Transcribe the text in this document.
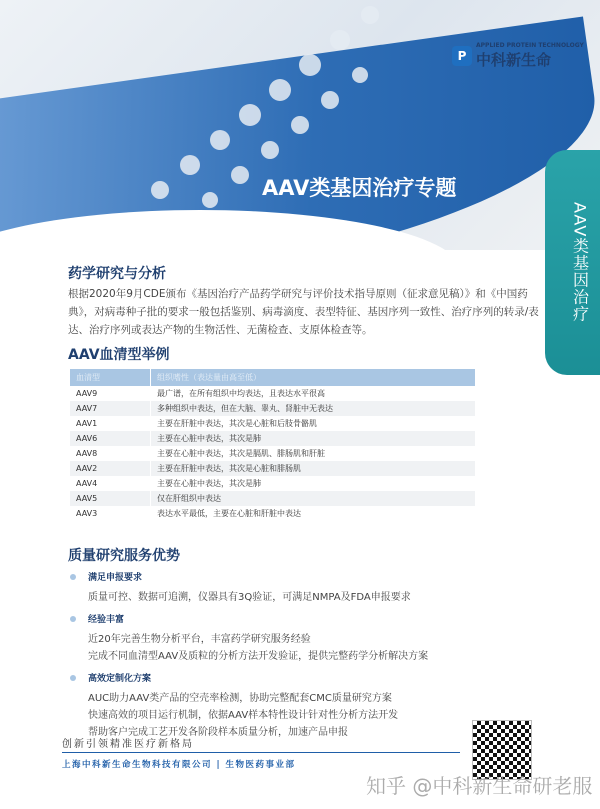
AAV类基因治疗专题
P
APPLIED PROTEIN TECHNOLOGY
中科新生命
AAV类基因治疗
药学研究与分析
根据2020年9月CDE颁布《基因治疗产品药学研究与评价技术指导原则（征求意见稿）》和《中国药典》，对病毒种子批的要求一般包括鉴别、病毒滴度、表型特征、基因序列一致性、治疗序列的转录/表达、治疗序列或表达产物的生物活性、无菌检查、支原体检查等。
AAV血清型举例
血清型	组织嗜性（表达量由高至低）
AAV9	最广谱，在所有组织中均表达，且表达水平很高
AAV7	多种组织中表达，但在大脑、睾丸、肾脏中无表达
AAV1	主要在肝脏中表达，其次是心脏和后肢骨骼肌
AAV6	主要在心脏中表达，其次是肺
AAV8	主要在心脏中表达，其次是膈肌、腓肠肌和肝脏
AAV2	主要在肝脏中表达，其次是心脏和腓肠肌
AAV4	主要在心脏中表达，其次是肺
AAV5	仅在肝组织中表达
AAV3	表达水平最低，主要在心脏和肝脏中表达
质量研究服务优势
满足申报要求
质量可控、数据可追溯，仪器具有3Q验证，可满足NMPA及FDA申报要求
经验丰富
近20年完善生物分析平台，丰富药学研究服务经验
完成不同血清型AAV及质粒的分析方法开发验证，提供完整药学分析解决方案
高效定制化方案
AUC助力AAV类产品的空壳率检测，协助完整配套CMC质量研究方案
快速高效的项目运行机制，依据AAV样本特性设计针对性分析方法开发
帮助客户完成工艺开发各阶段样本质量分析，加速产品申报
创新引领精准医疗新格局
上海中科新生命生物科技有限公司 | 生物医药事业部
知乎 @中科新生命研老服
